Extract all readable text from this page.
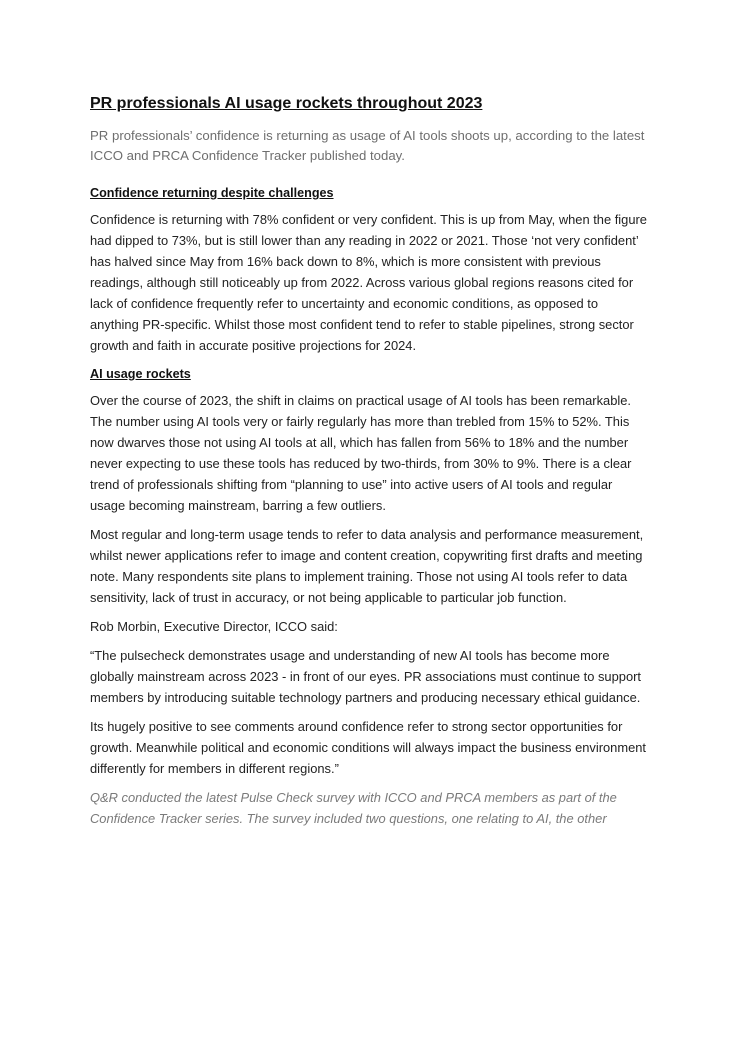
PR professionals AI usage rockets throughout 2023
PR professionals’ confidence is returning as usage of AI tools shoots up, according to the latest ICCO and PRCA Confidence Tracker published today.
Confidence returning despite challenges

Confidence is returning with 78% confident or very confident. This is up from May, when the figure had dipped to 73%, but is still lower than any reading in 2022 or 2021. Those ‘not very confident’ has halved since May from 16% back down to 8%, which is more consistent with previous readings, although still noticeably up from 2022. Across various global regions reasons cited for lack of confidence frequently refer to uncertainty and economic conditions, as opposed to anything PR-specific. Whilst those most confident tend to refer to stable pipelines, strong sector growth and faith in accurate positive projections for 2024.

AI usage rockets

Over the course of 2023, the shift in claims on practical usage of AI tools has been remarkable. The number using AI tools very or fairly regularly has more than trebled from 15% to 52%. This now dwarves those not using AI tools at all, which has fallen from 56% to 18% and the number never expecting to use these tools has reduced by two-thirds, from 30% to 9%. There is a clear trend of professionals shifting from “planning to use” into active users of AI tools and regular usage becoming mainstream, barring a few outliers.

Most regular and long-term usage tends to refer to data analysis and performance measurement, whilst newer applications refer to image and content creation, copywriting first drafts and meeting note. Many respondents site plans to implement training. Those not using AI tools refer to data sensitivity, lack of trust in accuracy, or not being applicable to particular job function.

Rob Morbin, Executive Director, ICCO said:

“The pulsecheck demonstrates usage and understanding of new AI tools has become more globally mainstream across 2023 - in front of our eyes. PR associations must continue to support members by introducing suitable technology partners and producing necessary ethical guidance.

Its hugely positive to see comments around confidence refer to strong sector opportunities for growth. Meanwhile political and economic conditions will always impact the business environment differently for members in different regions.”

Q&R conducted the latest Pulse Check survey with ICCO and PRCA members as part of the Confidence Tracker series. The survey included two questions, one relating to AI, the other
